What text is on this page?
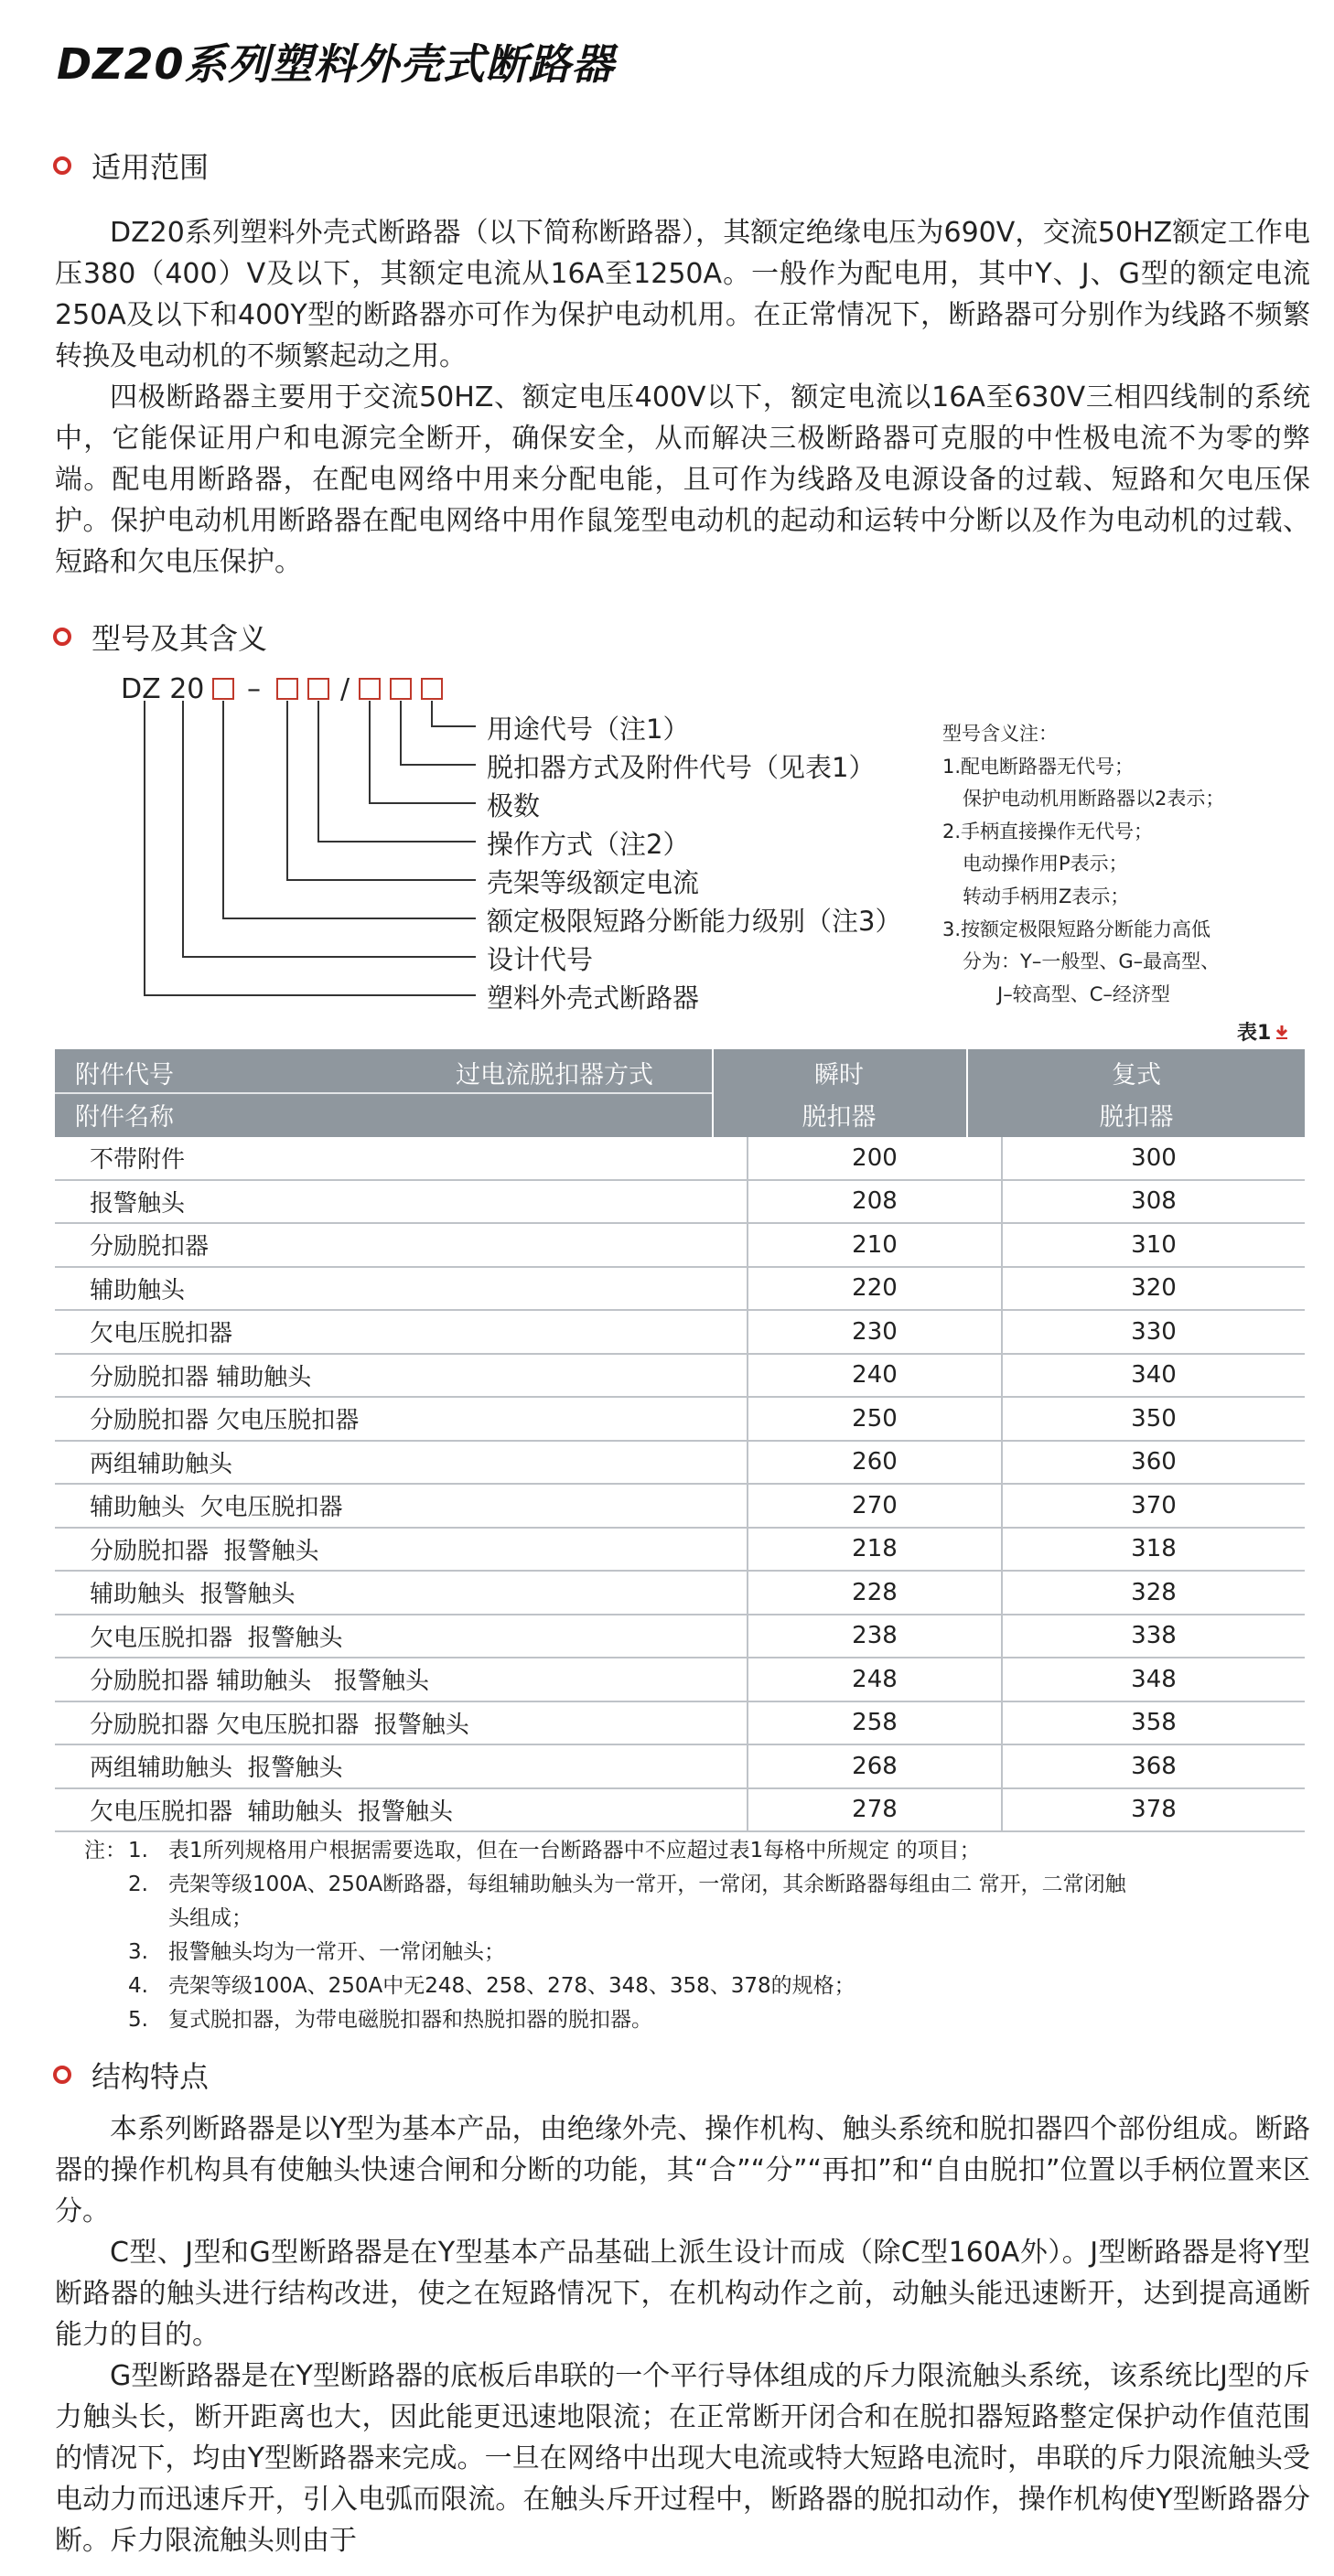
DZ20系列塑料外壳式断路器
适用范围

DZ20系列塑料外壳式断路器（以下简称断路器），其额定绝缘电压为690V，交流50HZ额定工作电压380（400）V及以下，其额定电流从16A至1250A。一般作为配电用，其中Y、J、G型的额定电流250A及以下和400Y型的断路器亦可作为保护电动机用。在正常情况下，断路器可分别作为线路不频繁转换及电动机的不频繁起动之用。

四极断路器主要用于交流50HZ、额定电压400V以下，额定电流以16A至630V三相四线制的系统中，它能保证用户和电源完全断开，确保安全，从而解决三极断路器可克服的中性极电流不为零的弊端。配电用断路器，在配电网络中用来分配电能，且可作为线路及电源设备的过载、短路和欠电压保护。保护电动机用断路器在配电网络中用作鼠笼型电动机的起动和运转中分断以及作为电动机的过载、短路和欠电压保护。

型号及其含义
DZ 20 –	/
用途代号（注1）
脱扣器方式及附件代号（见表1）
极数
操作方式（注2）
壳架等级额定电流
额定极限短路分断能力级别（注3）
设计代号
塑料外壳式断路器
型号含义注：
1.配电断路器无代号；
保护电动机用断路器以2表示；
2.手柄直接操作无代号；
电动操作用P表示；
转动手柄用Z表示；
3.按额定极限短路分断能力高低
分为：Y–一般型、G–最高型、
J–较高型、C–经济型
表1
附件代号	过电流脱扣器方式
附件名称
瞬时
脱扣器
复式
脱扣器
不带附件	200	300
报警触头	208	308
分励脱扣器	210	310
辅助触头	220	320
欠电压脱扣器	230	330
分励脱扣器 辅助触头	240	340
分励脱扣器 欠电压脱扣器	250	350
两组辅助触头	260	360
辅助触头  欠电压脱扣器	270	370
分励脱扣器  报警触头	218	318
辅助触头  报警触头	228	328
欠电压脱扣器  报警触头	238	338
分励脱扣器 辅助触头   报警触头	248	348
分励脱扣器 欠电压脱扣器  报警触头	258	358
两组辅助触头  报警触头	268	368
欠电压脱扣器  辅助触头  报警触头	278	378
注： 1. 表1所列规格用户根据需要选取，但在一台断路器中不应超过表1每格中所规定 的项目；
2. 壳架等级100A、250A断路器，每组辅助触头为一常开，一常闭，其余断路器每组由二 常开，二常闭触
头组成；
3. 报警触头均为一常开、一常闭触头；
4. 壳架等级100A、250A中无248、258、278、348、358、378的规格；
5. 复式脱扣器，为带电磁脱扣器和热脱扣器的脱扣器。
结构特点

本系列断路器是以Y型为基本产品，由绝缘外壳、操作机构、触头系统和脱扣器四个部份组成。断路器的操作机构具有使触头快速合闸和分断的功能，其“合”“分”“再扣”和“自由脱扣”位置以手柄位置来区分。

C型、J型和G型断路器是在Y型基本产品基础上派生设计而成（除C型160A外）。J型断路器是将Y型断路器的触头进行结构改进，使之在短路情况下，在机构动作之前，动触头能迅速断开，达到提高通断能力的目的。

G型断路器是在Y型断路器的底板后串联的一个平行导体组成的斥力限流触头系统，该系统比J型的斥力触头长，断开距离也大，因此能更迅速地限流；在正常断开闭合和在脱扣器短路整定保护动作值范围的情况下，均由Y型断路器来完成。一旦在网络中出现大电流或特大短路电流时，串联的斥力限流触头受电动力而迅速斥开，引入电弧而限流。在触头斥开过程中，断路器的脱扣动作，操作机构使Y型断路器分断。斥力限流触头则由于
